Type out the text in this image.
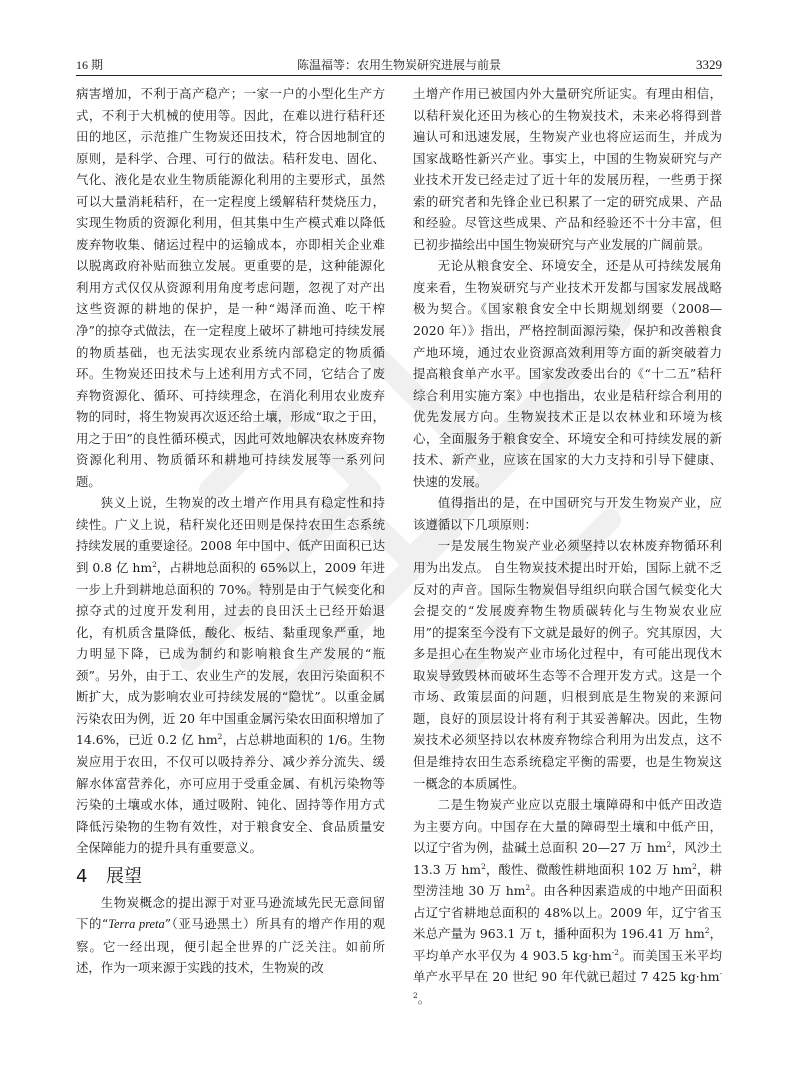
16 期	陈温福等：农用生物炭研究进展与前景	3329

病害增加，不利于高产稳产；一家一户的小型化生产方式，不利于大机械的使用等。因此，在难以进行秸秆还田的地区，示范推广生物炭还田技术，符合因地制宜的原则，是科学、合理、可行的做法。秸秆发电、固化、气化、液化是农业生物质能源化利用的主要形式，虽然可以大量消耗秸秆，在一定程度上缓解秸秆焚烧压力，实现生物质的资源化利用，但其集中生产模式难以降低废弃物收集、储运过程中的运输成本，亦即相关企业难以脱离政府补贴而独立发展。更重要的是，这种能源化利用方式仅仅从资源利用角度考虑问题，忽视了对产出这些资源的耕地的保护，是一种“竭泽而渔、吃干榨净”的掠夺式做法，在一定程度上破坏了耕地可持续发展的物质基础，也无法实现农业系统内部稳定的物质循环。生物炭还田技术与上述利用方式不同，它结合了废弃物资源化、循环、可持续理念，在消化利用农业废弃物的同时，将生物炭再次返还给土壤，形成“取之于田，用之于田”的良性循环模式，因此可效地解决农林废弃物资源化利用、物质循环和耕地可持续发展等一系列问题。

狭义上说，生物炭的改土增产作用具有稳定性和持续性。广义上说，秸秆炭化还田则是保持农田生态系统持续发展的重要途径。2008 年中国中、低产田面积已达到 0.8 亿 $hm^2$，占耕地总面积的 65%以上，2009 年进一步上升到耕地总面积的 70%。特别是由于气候变化和掠夺式的过度开发利用，过去的良田沃土已经开始退化，有机质含量降低，酸化、板结、黏重现象严重，地力明显下降，已成为制约和影响粮食生产发展的“瓶颈”。另外，由于工、农业生产的发展，农田污染面积不断扩大，成为影响农业可持续发展的“隐忧”。以重金属污染农田为例，近 20 年中国重金属污染农田面积增加了 14.6%，已近 0.2 亿 $hm^2$，占总耕地面积的 1/6。生物炭应用于农田，不仅可以吸持养分、减少养分流失、缓解水体富营养化，亦可应用于受重金属、有机污染物等污染的土壤或水体，通过吸附、钝化、固持等作用方式降低污染物的生物有效性，对于粮食安全、食品质量安全保障能力的提升具有重要意义。

4 展望

生物炭概念的提出源于对亚马逊流域先民无意间留下的“Terra preta”（亚马逊黑土）所具有的增产作用的观察。它一经出现，便引起全世界的广泛关注。如前所述，作为一项来源于实践的技术，生物炭的改

土增产作用已被国内外大量研究所证实。有理由相信，以秸秆炭化还田为核心的生物炭技术，未来必将得到普遍认可和迅速发展，生物炭产业也将应运而生，并成为国家战略性新兴产业。事实上，中国的生物炭研究与产业技术开发已经走过了近十年的发展历程，一些勇于探索的研究者和先锋企业已积累了一定的研究成果、产品和经验。尽管这些成果、产品和经验还不十分丰富，但已初步描绘出中国生物炭研究与产业发展的广阔前景。

无论从粮食安全、环境安全，还是从可持续发展角度来看，生物炭研究与产业技术开发都与国家发展战略极为契合。《国家粮食安全中长期规划纲要（2008—2020 年）》指出，严格控制面源污染，保护和改善粮食产地环境，通过农业资源高效利用等方面的新突破着力提高粮食单产水平。国家发改委出台的《“十二五”秸秆综合利用实施方案》中也指出，农业是秸秆综合利用的优先发展方向。生物炭技术正是以农林业和环境为核心，全面服务于粮食安全、环境安全和可持续发展的新技术、新产业，应该在国家的大力支持和引导下健康、快速的发展。

值得指出的是，在中国研究与开发生物炭产业，应该遵循以下几项原则：

一是发展生物炭产业必须坚持以农林废弃物循环利用为出发点。 自生物炭技术提出时开始，国际上就不乏反对的声音。国际生物炭倡导组织向联合国气候变化大会提交的“发展废弃物生物质碳转化与生物炭农业应用”的提案至今没有下文就是最好的例子。究其原因，大多是担心在生物炭产业市场化过程中，有可能出现伐木取炭导致毁林而破坏生态等不合理开发方式。这是一个市场、政策层面的问题，归根到底是生物炭的来源问题，良好的顶层设计将有利于其妥善解决。因此，生物炭技术必须坚持以农林废弃物综合利用为出发点，这不但是维持农田生态系统稳定平衡的需要，也是生物炭这一概念的本质属性。

二是生物炭产业应以克服土壤障碍和中低产田改造为主要方向。中国存在大量的障碍型土壤和中低产田，以辽宁省为例，盐碱土总面积 20—27 万 $hm^2$，风沙土 13.3 万 $hm^2$，酸性、微酸性耕地面积 102 万 $hm^2$，耕型涝洼地 30 万 $hm^2$。由各种因素造成的中地产田面积占辽宁省耕地总面积的 48%以上。2009 年，辽宁省玉米总产量为 963.1 万 t，播种面积为 196.41 万 $hm^2$，平均单产水平仅为 4 903.5 $kg\cdot hm^{-2}$。而美国玉米平均单产水平早在 20 世纪 90 年代就已超过 7 425 $kg\cdot hm^{-2}$。
